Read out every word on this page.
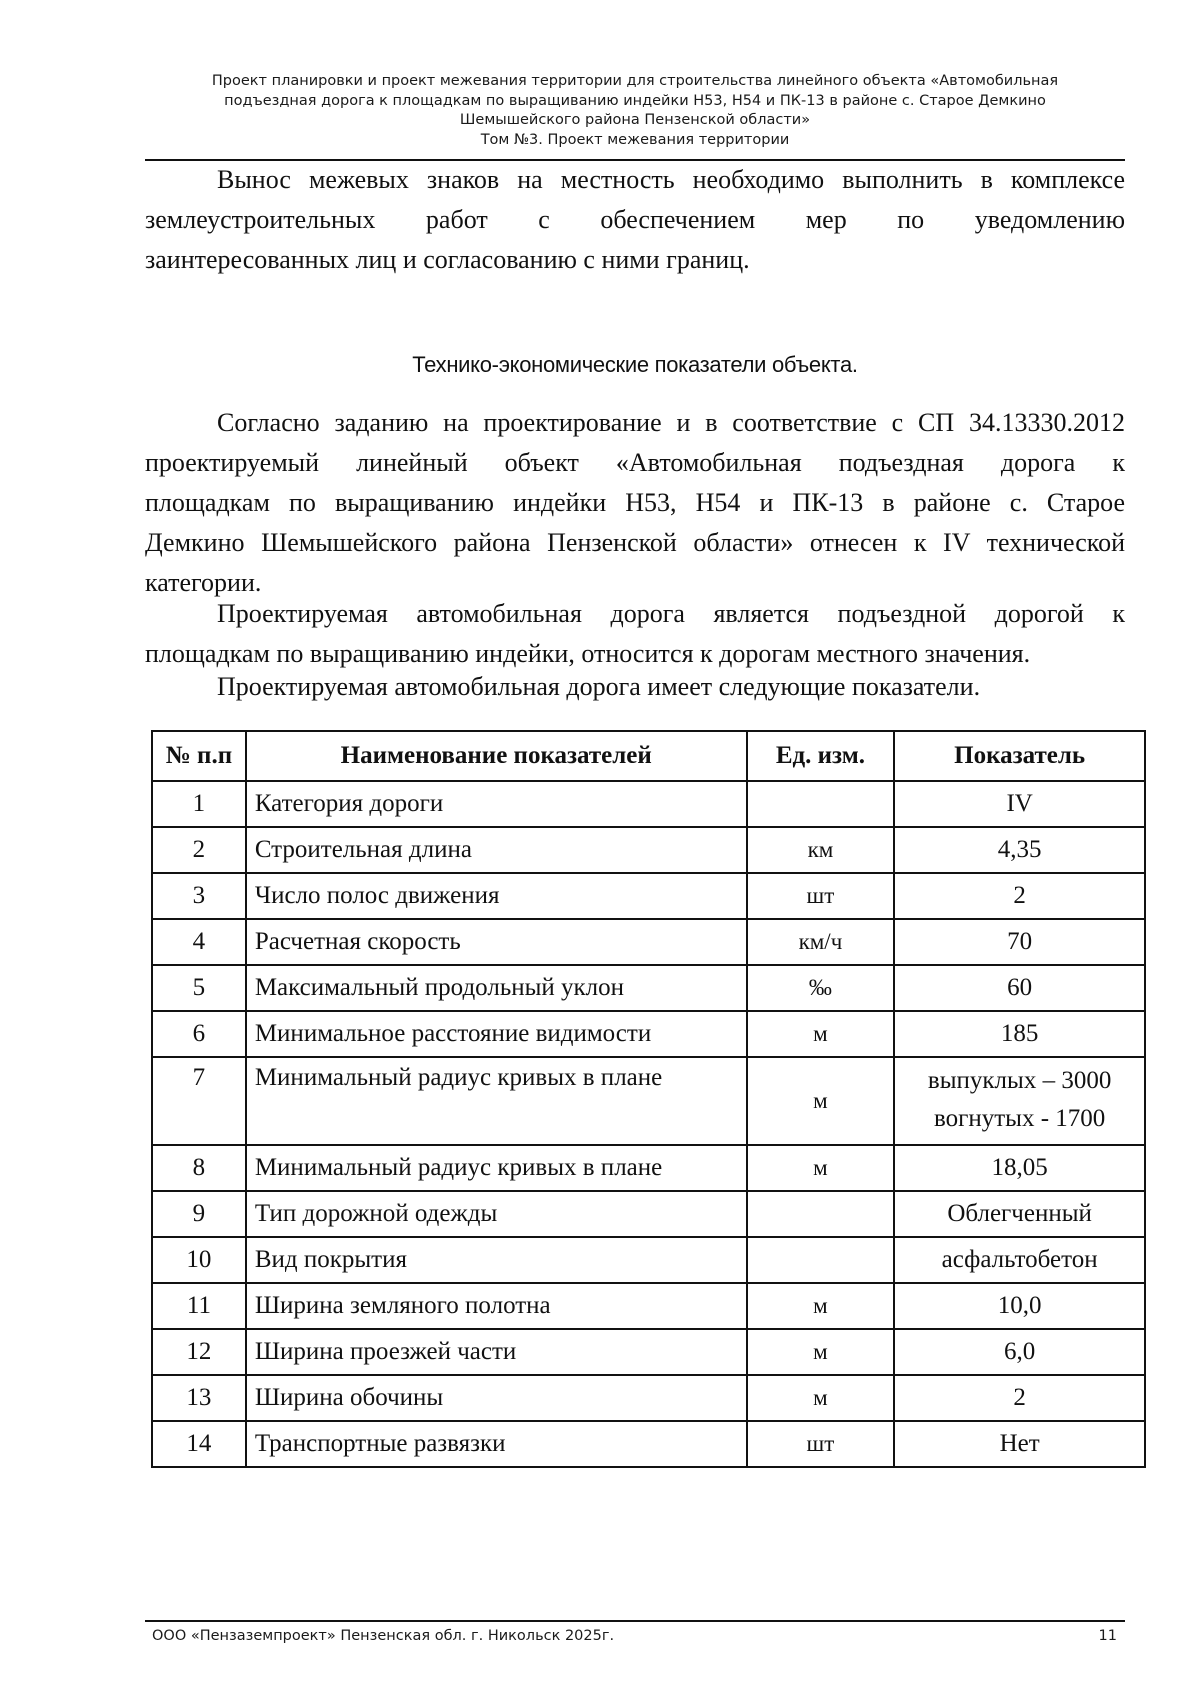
Проект планировки и проект межевания территории для строительства линейного объекта «Автомобильная
подъездная дорога к площадкам по выращиванию индейки Н53, Н54 и ПК-13 в районе с. Старое Демкино
Шемышейского района Пензенской области»
Том №3. Проект межевания территории
Вынос межевых знаков на местность необходимо выполнить в комплексе
землеустроительных работ с обеспечением мер по уведомлению
заинтересованных лиц и согласованию с ними границ.
Технико-экономические показатели объекта.
Согласно заданию на проектирование и в соответствие с СП 34.13330.2012
проектируемый линейный объект «Автомобильная подъездная дорога к
площадкам по выращиванию индейки Н53, Н54 и ПК-13 в районе с. Старое
Демкино Шемышейского района Пензенской области» отнесен к IV технической
категории.
Проектируемая автомобильная дорога является подъездной дорогой к
площадкам по выращиванию индейки, относится к дорогам местного значения.
Проектируемая автомобильная дорога имеет следующие показатели.
№ п.п	Наименование показателей	Ед. изм.	Показатель
1	Категория дороги		IV
2	Строительная длина	км	4,35
3	Число полос движения	шт	2
4	Расчетная скорость	км/ч	70
5	Максимальный продольный уклон	‰	60
6	Минимальное расстояние видимости	м	185
7	Минимальный радиус кривых в плане	м	выпуклых – 3000
вогнутых - 1700

8	Минимальный радиус кривых в плане	м	18,05
9	Тип дорожной одежды		Облегченный
10	Вид покрытия		асфальтобетон
11	Ширина земляного полотна	м	10,0
12	Ширина проезжей части	м	6,0
13	Ширина обочины	м	2
14	Транспортные развязки	шт	Нет
ООО «Пензаземпроект» Пензенская обл. г. Никольск 2025г.	11
